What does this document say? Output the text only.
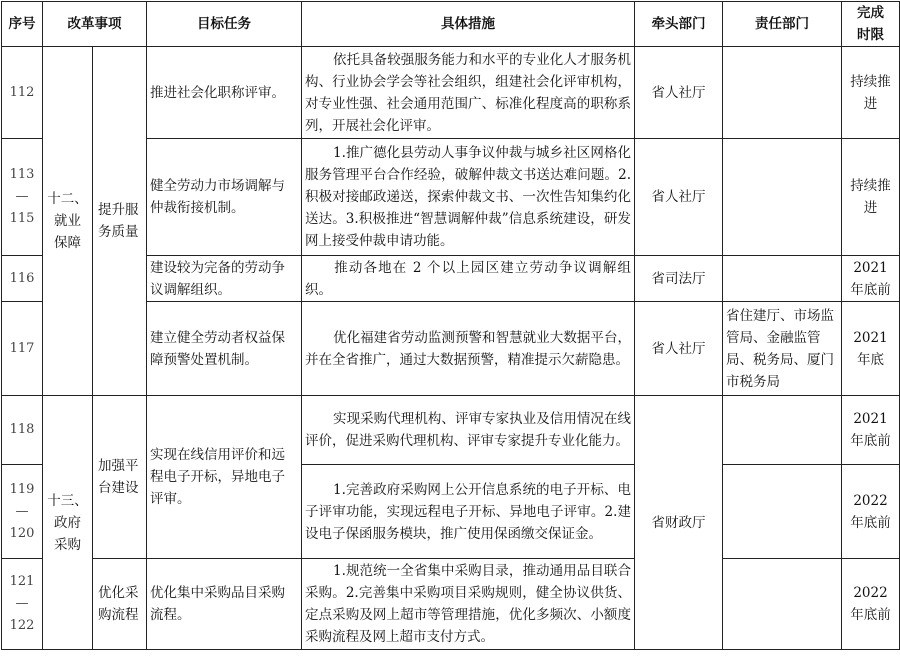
序号	改革事项		目标任务	具体措施	牵头部门	责任部门	完成
时限

112	十二、
就业
保障	提升服务质量	推进社会化职称评审。	依托具备较强服务能力和水平的专业化人才服务机构、行业协会学会等社会组织，组建社会化评审机构，对专业性强、社会通用范围广、标准化程度高的职称系列，开展社会化评审。	省人社厅		持续推进

113
—
115			健全劳动力市场调解与仲裁衔接机制。	1.推广德化县劳动人事争议仲裁与城乡社区网格化服务管理平台合作经验，破解仲裁文书送达难问题。2.积极对接邮政递送，探索仲裁文书、一次性告知集约化送达。3.积极推进“智慧调解仲裁”信息系统建设，研发网上接受仲裁申请功能。	省人社厅		持续推进
116			建设较为完备的劳动争议调解组织。	推动各地在 2 个以上园区建立劳动争议调解组织。	省司法厅		2021 年底前
117			建立健全劳动者权益保障预警处置机制。	优化福建省劳动监测预警和智慧就业大数据平台，并在全省推广，通过大数据预警，精准提示欠薪隐患。	省人社厅	省住建厅、市场监管局、金融监管局、税务局、厦门市税务局	2021
年底

118	十三、
政府
采购	加强平台建设	实现在线信用评价和远程电子开标，异地电子评审。	实现采购代理机构、评审专家执业及信用情况在线评价，促进采购代理机构、评审专家提升专业化能力。	省财政厅		2021 年底前

119
—
120				1.完善政府采购网上公开信息系统的电子开标、电子评审功能，实现远程电子开标、异地电子评审。2.建设电子保函服务模块，推广使用保函缴交保证金。			2022 年底前

121
—
122		优化采购流程	优化集中采购品目采购流程。	1.规范统一全省集中采购目录，推动通用品目联合采购。2.完善集中采购项目采购规则，健全协议供货、定点采购及网上超市等管理措施，优化多频次、小额度采购流程及网上超市支付方式。			2022 年底前
